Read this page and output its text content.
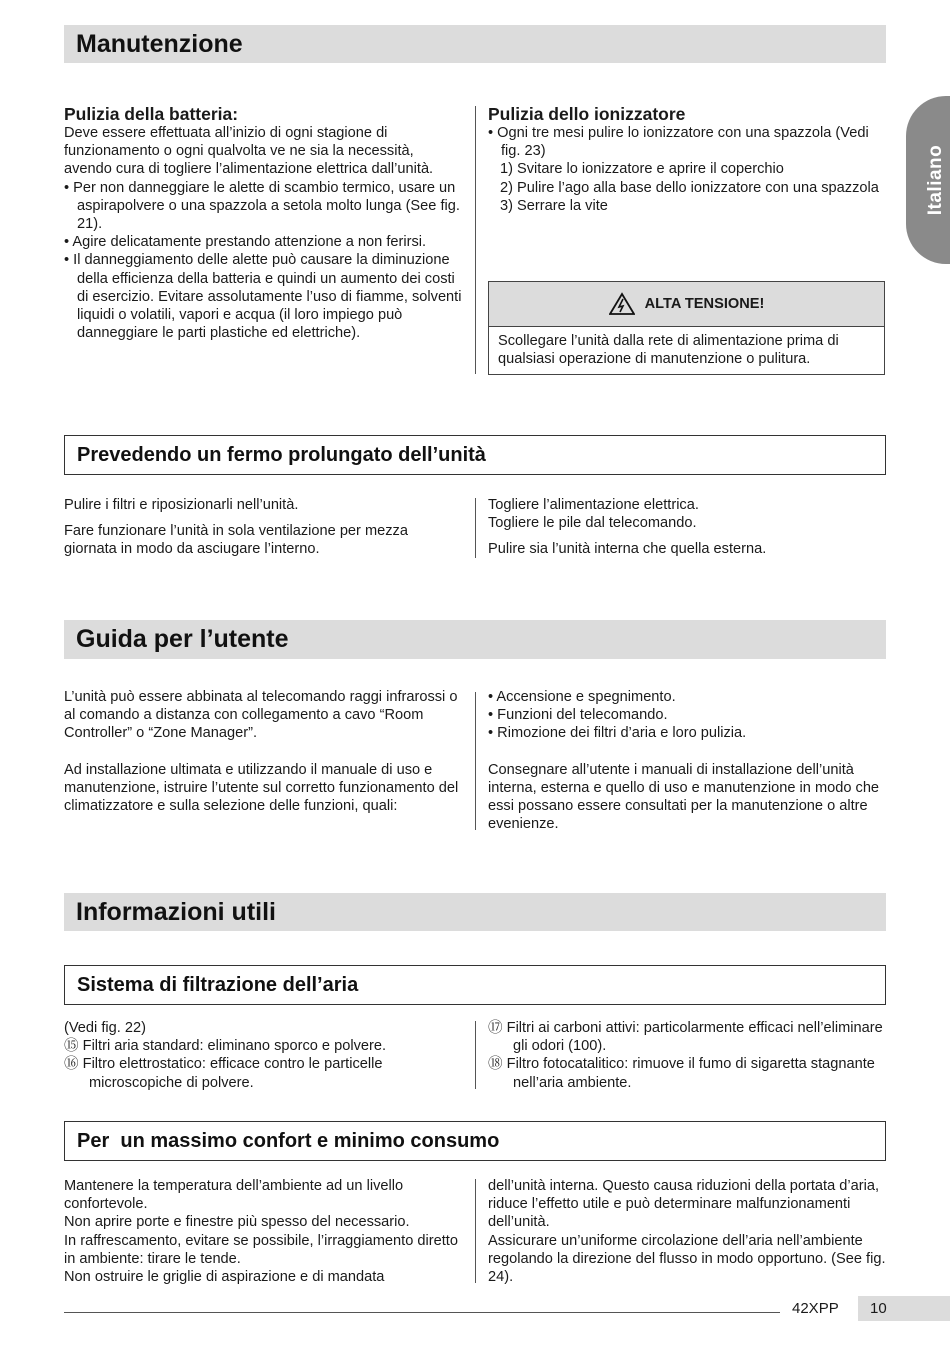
Italiano
Manutenzione

Pulizia della batteria:

Deve essere effettuata all’inizio di ogni stagione di funzionamento o ogni qualvolta ve ne sia la necessità, avendo cura di togliere l’alimentazione elettrica dall’unità.
• Per non danneggiare le alette di scambio termico, usare un aspirapolvere o una spazzola a setola molto lunga (See fig. 21).
• Agire delicatamente prestando attenzione a non ferirsi.
• Il danneggiamento delle alette può causare la diminuzione della efficienza della batteria e quindi un aumento dei costi di esercizio. Evitare assolutamente l’uso di fiamme, solventi liquidi o volatili, vapori e acqua (il loro impiego può danneggiare le parti plastiche ed elettriche).

Pulizia dello ionizzatore

• Ogni tre mesi pulire lo ionizzatore con una spazzola (Vedi fig. 23)
1) Svitare lo ionizzatore e aprire il coperchio
2) Pulire l’ago alla base dello ionizzatore con una spazzola
3) Serrare la vite
ALTA TENSIONE!
Scollegare l’unità dalla rete di alimentazione prima di qualsiasi operazione di manutenzione o pulitura.
Prevedendo un fermo prolungato dell’unità
Pulire i filtri e riposizionarli nell’unità.
Fare funzionare l’unità in sola ventilazione per mezza giornata in modo da asciugare l’interno.
Togliere l’alimentazione elettrica.
Togliere le pile dal telecomando.
Pulire sia l’unità interna che quella esterna.
Guida per l’utente
L’unità può essere abbinata al telecomando raggi infrarossi o al comando a distanza con collegamento a cavo “Room Controller” o “Zone Manager”.
Ad installazione ultimata e utilizzando il manuale di uso e manutenzione, istruire l’utente sul corretto funzionamento del climatizzatore e sulla selezione delle funzioni, quali:
• Accensione e spegnimento.
• Funzioni del telecomando.
• Rimozione dei filtri d’aria e loro pulizia.
Consegnare all’utente i manuali di installazione dell’unità interna, esterna e quello di uso e manutenzione in modo che essi possano essere consultati per la manutenzione o altre evenienze.
Informazioni utili
Sistema di filtrazione dell’aria
(Vedi fig. 22)
⑮ Filtri aria standard: eliminano sporco e polvere.
⑯ Filtro elettrostatico: efficace contro le particelle microscopiche di polvere.
⑰ Filtri ai carboni attivi: particolarmente efficaci nell’eliminare gli odori (100).
⑱ Filtro fotocatalitico: rimuove il fumo di sigaretta stagnante nell’aria ambiente.
Per  un massimo confort e minimo consumo
Mantenere la temperatura dell’ambiente ad un livello confortevole.
Non aprire porte e finestre più spesso del necessario.
In raffrescamento, evitare se possibile, l’irraggiamento diretto in ambiente: tirare le tende.
Non ostruire le griglie di aspirazione e di mandata
dell’unità interna. Questo causa riduzioni della portata d’aria, riduce l’effetto utile e può determinare malfunzionamenti dell’unità.
Assicurare un’uniforme circolazione dell’aria nell’ambiente regolando la direzione del flusso in modo opportuno. (See fig. 24).
42XPP	10
